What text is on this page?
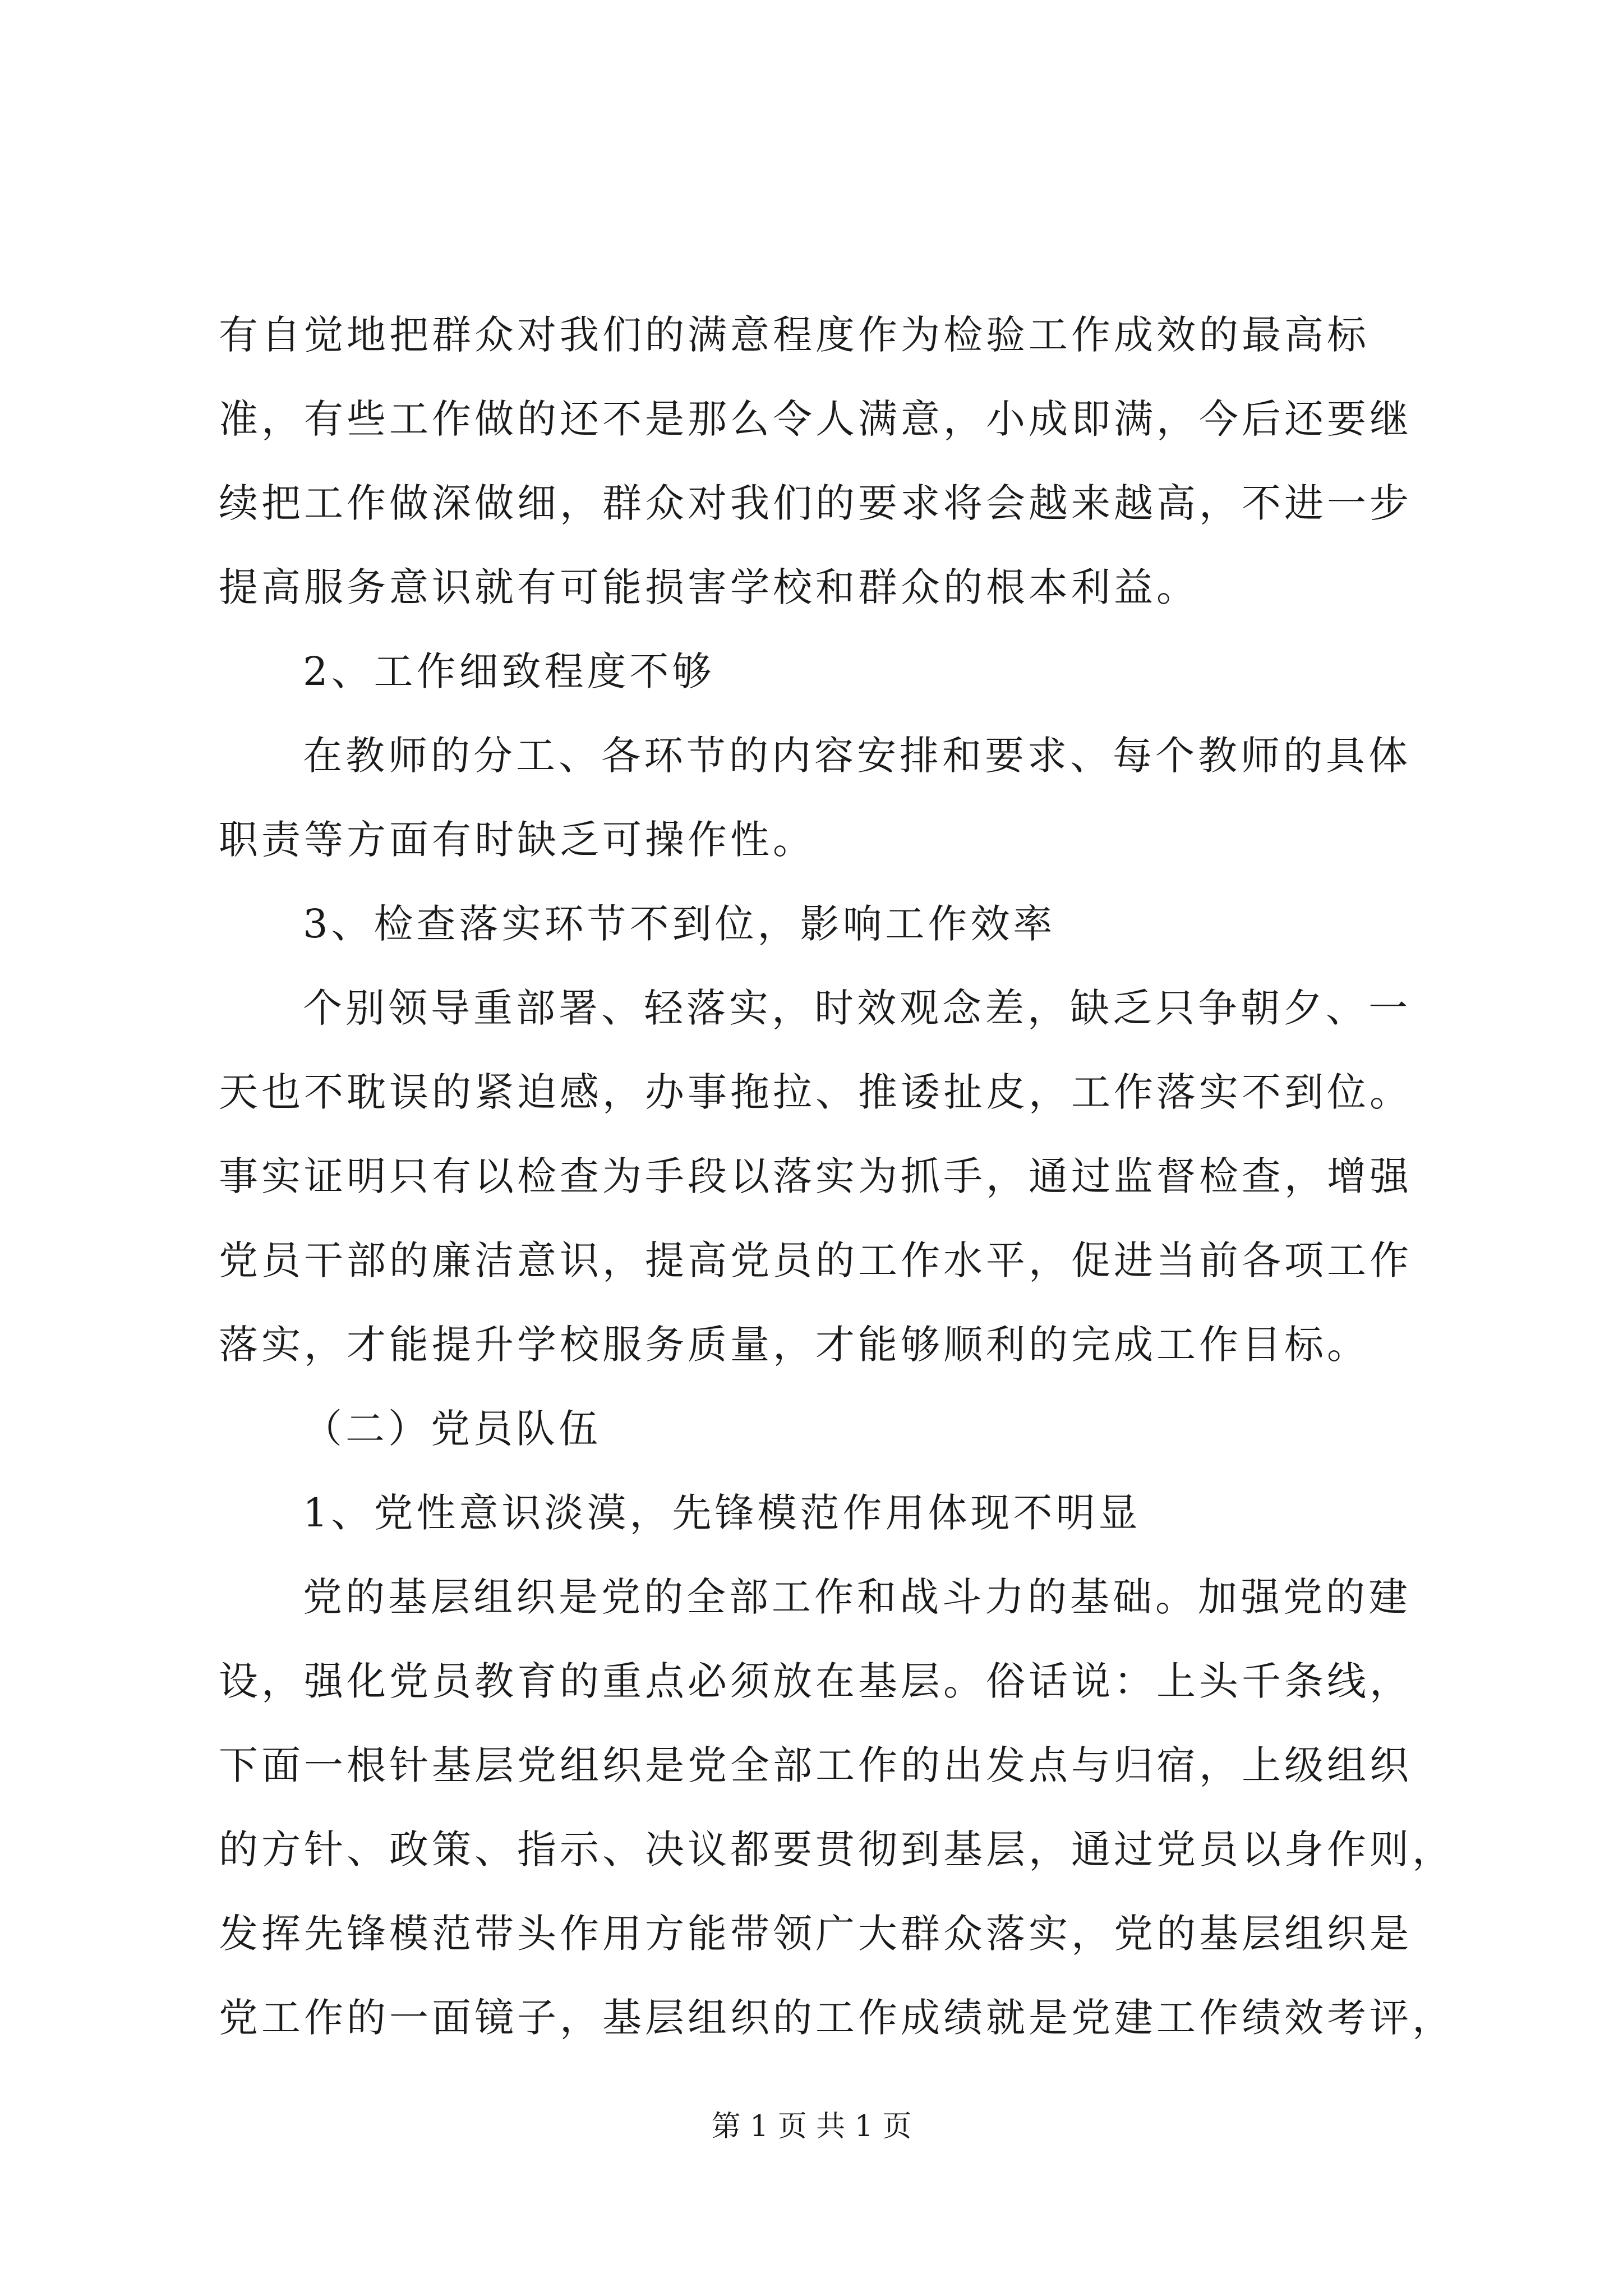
有自觉地把群众对我们的满意程度作为检验工作成效的最高标
准，有些工作做的还不是那么令人满意，小成即满，今后还要继
续把工作做深做细，群众对我们的要求将会越来越高，不进一步
提高服务意识就有可能损害学校和群众的根本利益。
2、工作细致程度不够
在教师的分工、各环节的内容安排和要求、每个教师的具体
职责等方面有时缺乏可操作性。
3、检查落实环节不到位，影响工作效率
个别领导重部署、轻落实，时效观念差，缺乏只争朝夕、一
天也不耽误的紧迫感，办事拖拉、推诿扯皮，工作落实不到位。
事实证明只有以检查为手段以落实为抓手，通过监督检查，增强
党员干部的廉洁意识，提高党员的工作水平，促进当前各项工作
落实，才能提升学校服务质量，才能够顺利的完成工作目标。
（二）党员队伍
1、党性意识淡漠，先锋模范作用体现不明显
党的基层组织是党的全部工作和战斗力的基础。加强党的建
设，强化党员教育的重点必须放在基层。俗话说：上头千条线，
下面一根针基层党组织是党全部工作的出发点与归宿，上级组织
的方针、政策、指示、决议都要贯彻到基层，通过党员以身作则，
发挥先锋模范带头作用方能带领广大群众落实，党的基层组织是
党工作的一面镜子，基层组织的工作成绩就是党建工作绩效考评，
第 1 页 共 1 页
